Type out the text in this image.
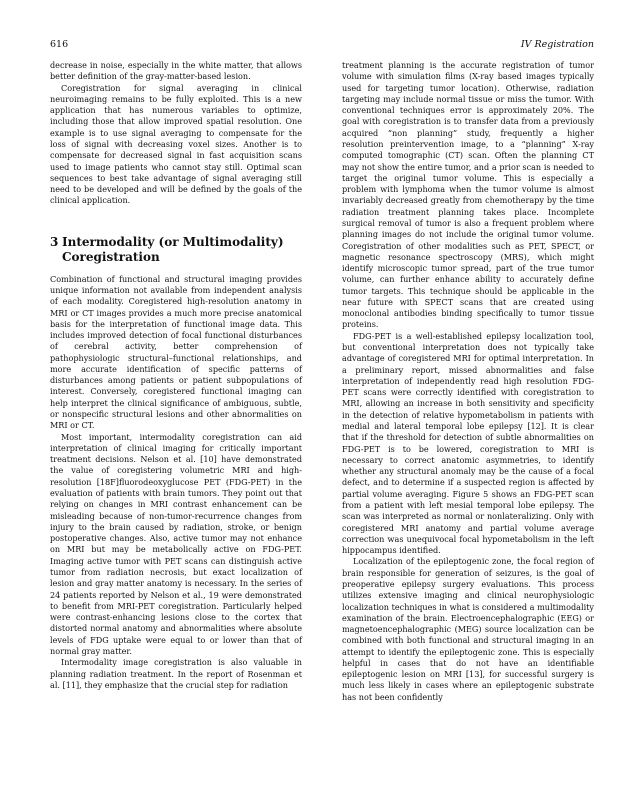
616	IV Registration

decrease in noise, especially in the white matter, that allows better definition of the gray-matter-based lesion.

Coregistration for signal averaging in clinical neuroimaging remains to be fully exploited. This is a new application that has numerous variables to optimize, including those that allow improved spatial resolution. One example is to use signal averaging to compensate for the loss of signal with decreasing voxel sizes. Another is to compensate for decreased signal in fast acquisition scans used to image patients who cannot stay still. Optimal scan sequences to best take advantage of signal averaging still need to be developed and will be defined by the goals of the clinical application.

3 Intermodality (or Multimodality)
Coregistration

Combination of functional and structural imaging provides unique information not available from independent analysis of each modality. Coregistered high-resolution anatomy in MRI or CT images provides a much more precise anatomical basis for the interpretation of functional image data. This includes improved detection of focal functional disturbances of cerebral activity, better comprehension of pathophysiologic structural–functional relationships, and more accurate identification of specific patterns of disturbances among patients or patient subpopulations of interest. Conversely, coregistered functional imaging can help interpret the clinical significance of ambiguous, subtle, or nonspecific structural lesions and other abnormalities on MRI or CT.

Most important, intermodality coregistration can aid interpretation of clinical imaging for critically important treatment decisions. Nelson et al. [10] have demonstrated the value of coregistering volumetric MRI and high-resolution [18F]fluorodeoxyglucose PET (FDG-PET) in the evaluation of patients with brain tumors. They point out that relying on changes in MRI contrast enhancement can be misleading because of non-tumor-recurrence changes from injury to the brain caused by radiation, stroke, or benign postoperative changes. Also, active tumor may not enhance on MRI but may be metabolically active on FDG-PET. Imaging active tumor with PET scans can distinguish active tumor from radiation necrosis, but exact localization of lesion and gray matter anatomy is necessary. In the series of 24 patients reported by Nelson et al., 19 were demonstrated to benefit from MRI-PET coregistration. Particularly helped were contrast-enhancing lesions close to the cortex that distorted normal anatomy and abnormalities where absolute levels of FDG uptake were equal to or lower than that of normal gray matter.

Intermodality image coregistration is also valuable in planning radiation treatment. In the report of Rosenman et al. [11], they emphasize that the crucial step for radiation

treatment planning is the accurate registration of tumor volume with simulation films (X-ray based images typically used for targeting tumor location). Otherwise, radiation targeting may include normal tissue or miss the tumor. With conventional techniques error is approximately 20%. The goal with coregistration is to transfer data from a previously acquired “non planning” study, frequently a higher resolution preintervention image, to a “planning” X-ray computed tomographic (CT) scan. Often the planning CT may not show the entire tumor, and a prior scan is needed to target the original tumor volume. This is especially a problem with lymphoma when the tumor volume is almost invariably decreased greatly from chemotherapy by the time radiation treatment planning takes place. Incomplete surgical removal of tumor is also a frequent problem where planning images do not include the original tumor volume. Coregistration of other modalities such as PET, SPECT, or magnetic resonance spectroscopy (MRS), which might identify microscopic tumor spread, part of the true tumor volume, can further enhance ability to accurately define tumor targets. This technique should be applicable in the near future with SPECT scans that are created using monoclonal antibodies binding specifically to tumor tissue proteins.

FDG-PET is a well-established epilepsy localization tool, but conventional interpretation does not typically take advantage of coregistered MRI for optimal interpretation. In a preliminary report, missed abnormalities and false interpretation of independently read high resolution FDG-PET scans were correctly identified with coregistration to MRI, allowing an increase in both sensitivity and specificity in the detection of relative hypometabolism in patients with medial and lateral temporal lobe epilepsy [12]. It is clear that if the threshold for detection of subtle abnormalities on FDG-PET is to be lowered, coregistration to MRI is necessary to correct anatomic asymmetries, to identify whether any structural anomaly may be the cause of a focal defect, and to determine if a suspected region is affected by partial volume averaging. Figure 5 shows an FDG-PET scan from a patient with left mesial temporal lobe epilepsy. The scan was interpreted as normal or nonlateralizing. Only with coregistered MRI anatomy and partial volume average correction was unequivocal focal hypometabolism in the left hippocampus identified.

Localization of the epileptogenic zone, the focal region of brain responsible for generation of seizures, is the goal of preoperative epilepsy surgery evaluations. This process utilizes extensive imaging and clinical neurophysiologic localization techniques in what is considered a multimodality examination of the brain. Electroencephalographic (EEG) or magnetoencephalographic (MEG) source localization can be combined with both functional and structural imaging in an attempt to identify the epileptogenic zone. This is especially helpful in cases that do not have an identifiable epileptogenic lesion on MRI [13], for successful surgery is much less likely in cases where an epileptogenic substrate has not been confidently
